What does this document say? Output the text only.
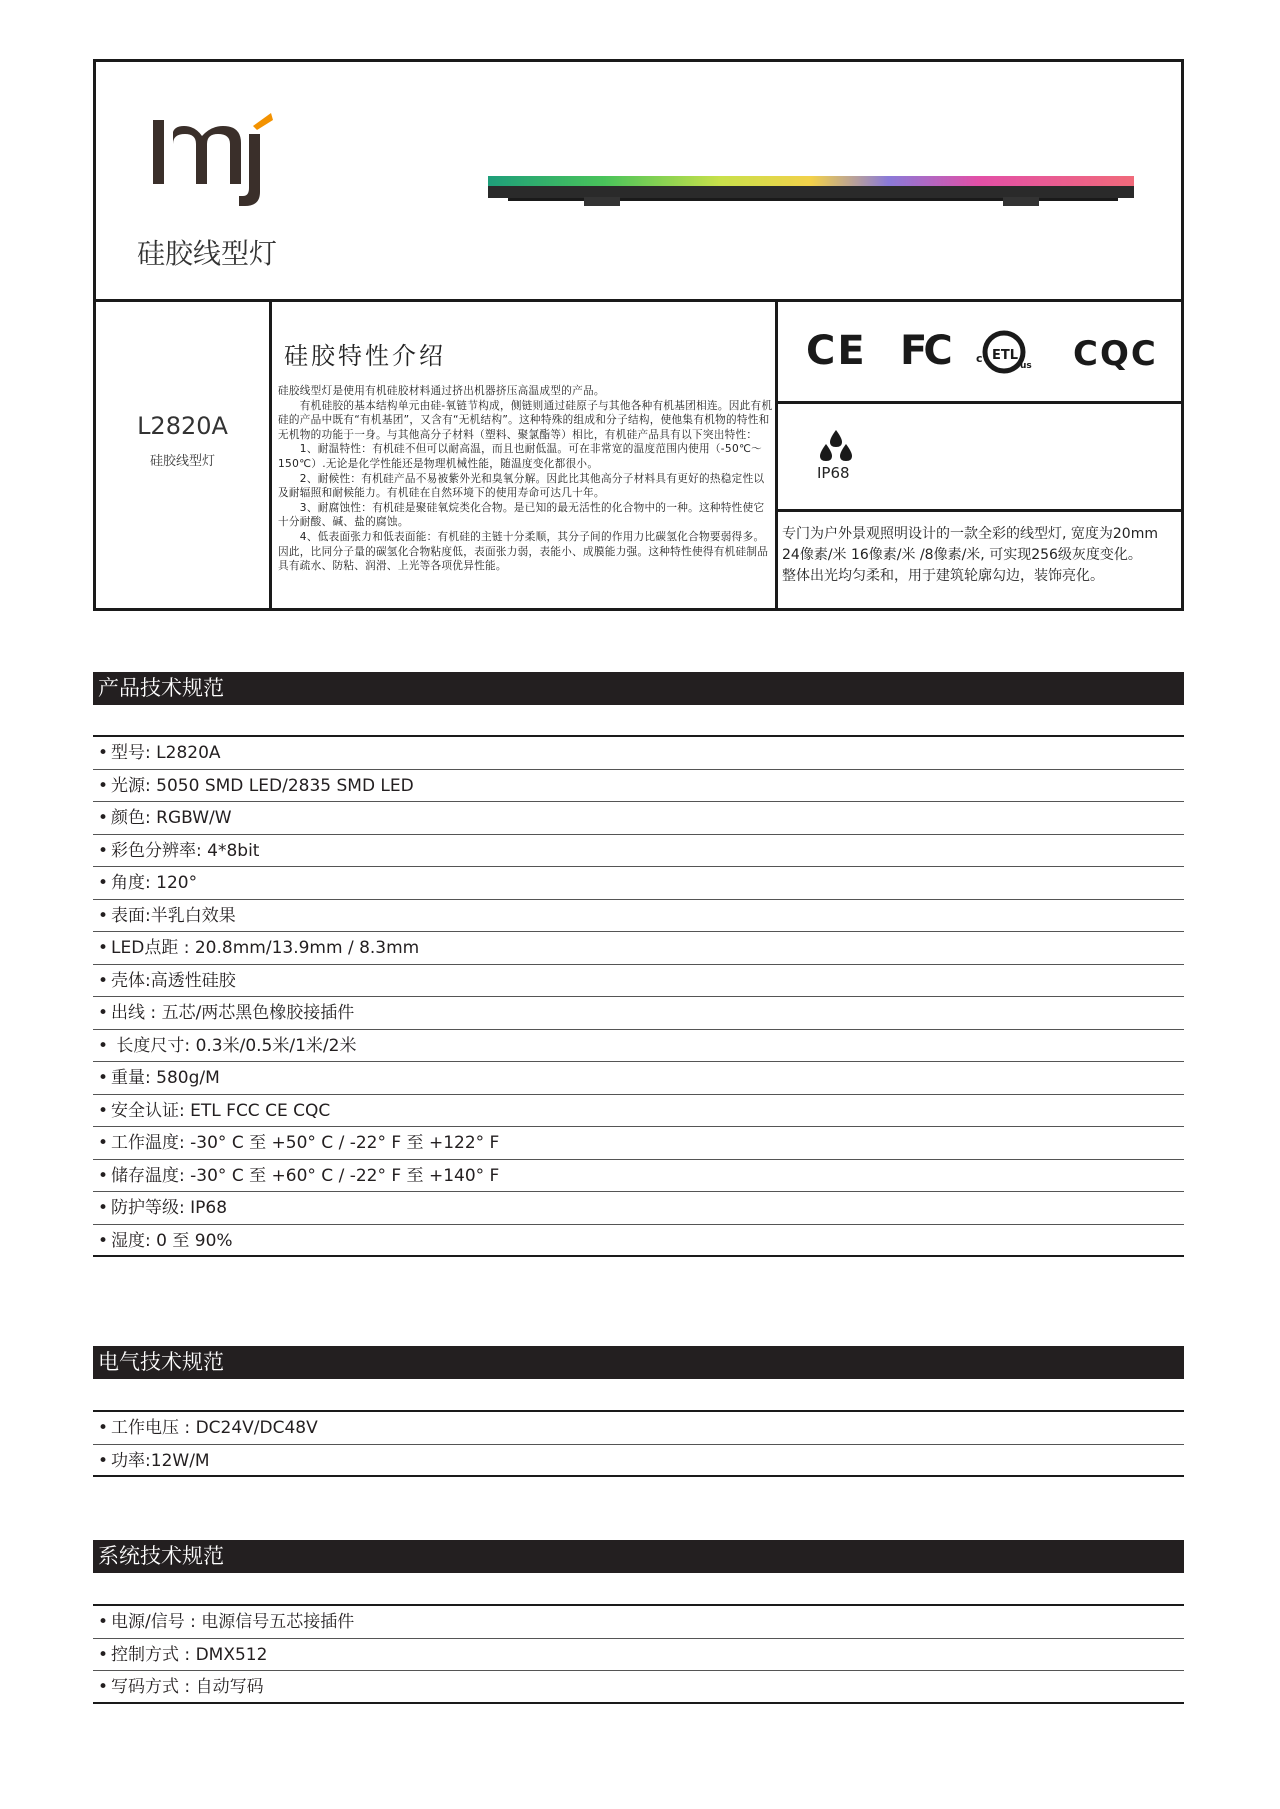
硅胶线型灯
L2820A
硅胶线型灯
硅胶特性介绍

硅胶线型灯是使用有机硅胶材料通过挤出机器挤压高温成型的产品。

　　有机硅胶的基本结构单元由硅-氧链节构成，侧链则通过硅原子与其他各种有机基团相连。因此有机硅的产品中既有“有机基团”，又含有“无机结构”。这种特殊的组成和分子结构，使他集有机物的特性和无机物的功能于一身。与其他高分子材料（塑料、聚氯酯等）相比，有机硅产品具有以下突出特性：

　　1、耐温特性：有机硅不但可以耐高温，而且也耐低温。可在非常宽的温度范围内使用（-50℃～150℃）.无论是化学性能还是物理机械性能，随温度变化都很小。

　　2、耐候性：有机硅产品不易被紫外光和臭氧分解。因此比其他高分子材料具有更好的热稳定性以及耐辐照和耐候能力。有机硅在自然环境下的使用寿命可达几十年。

　　3、耐腐蚀性：有机硅是聚硅氧烷类化合物。是已知的最无活性的化合物中的一种。这种特性使它十分耐酸、碱、盐的腐蚀。

　　4、低表面张力和低表面能：有机硅的主链十分柔顺，其分子间的作用力比碳氢化合物要弱得多。因此，比同分子量的碳氢化合物粘度低，表面张力弱，表能小、成膜能力强。这种特性使得有机硅制品具有疏水、防粘、润滑、上光等各项优异性能。

CE FC c ETL
us CQC
IP68

专门为户外景观照明设计的一款全彩的线型灯, 宽度为20mm

24像素/米 16像素/米 /8像素/米, 可实现256级灰度变化。

整体出光均匀柔和，用于建筑轮廓勾边，装饰亮化。

产品技术规范
• 型号: L2820A
• 光源: 5050 SMD LED/2835 SMD LED
• 颜色: RGBW/W
• 彩色分辨率: 4*8bit
• 角度: 120°
• 表面:半乳白效果
• LED点距 : 20.8mm/13.9mm / 8.3mm
• 壳体:高透性硅胶
• 出线 : 五芯/两芯黑色橡胶接插件
• 长度尺寸: 0.3米/0.5米/1米/2米
• 重量: 580g/M
• 安全认证: ETL FCC CE CQC
• 工作温度: -30° C 至 +50° C / -22° F 至 +122° F
• 储存温度: -30° C 至 +60° C / -22° F 至 +140° F
• 防护等级: IP68
• 湿度: 0 至 90%
电气技术规范
• 工作电压 : DC24V/DC48V
• 功率:12W/M
系统技术规范
• 电源/信号 : 电源信号五芯接插件
• 控制方式 : DMX512
• 写码方式 : 自动写码
